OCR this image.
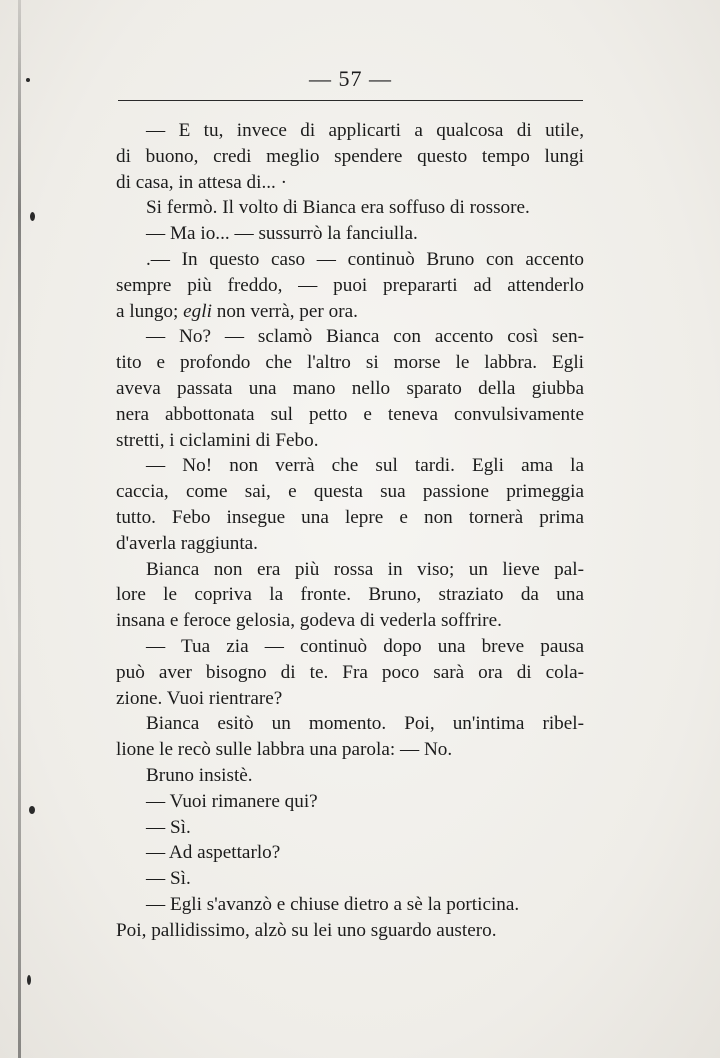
— 57 —
— E tu, invece di applicarti a qualcosa di utile,
di buono, credi meglio spendere questo tempo lungi
di casa, in attesa di... ·
Si fermò. Il volto di Bianca era soffuso di rossore.
— Ma io... — sussurrò la fanciulla.
.— In questo caso — continuò Bruno con accento
sempre più freddo, — puoi prepararti ad attenderlo
a lungo; egli non verrà, per ora.
— No? — sclamò Bianca con accento così sen-
tito e profondo che l'altro si morse le labbra. Egli
aveva passata una mano nello sparato della giubba
nera abbottonata sul petto e teneva convulsivamente
stretti, i ciclamini di Febo.
— No! non verrà che sul tardi. Egli ama la
caccia, come sai, e questa sua passione primeggia
tutto. Febo insegue una lepre e non tornerà prima
d'averla raggiunta.
Bianca non era più rossa in viso; un lieve pal-
lore le copriva la fronte. Bruno, straziato da una
insana e feroce gelosia, godeva di vederla soffrire.
— Tua zia — continuò dopo una breve pausa
può aver bisogno di te. Fra poco sarà ora di cola-
zione. Vuoi rientrare?
Bianca esitò un momento. Poi, un'intima ribel-
lione le recò sulle labbra una parola: — No.
Bruno insistè.
— Vuoi rimanere qui?
— Sì.
— Ad aspettarlo?
— Sì.
— Egli s'avanzò e chiuse dietro a sè la porticina.
Poi, pallidissimo, alzò su lei uno sguardo austero.
